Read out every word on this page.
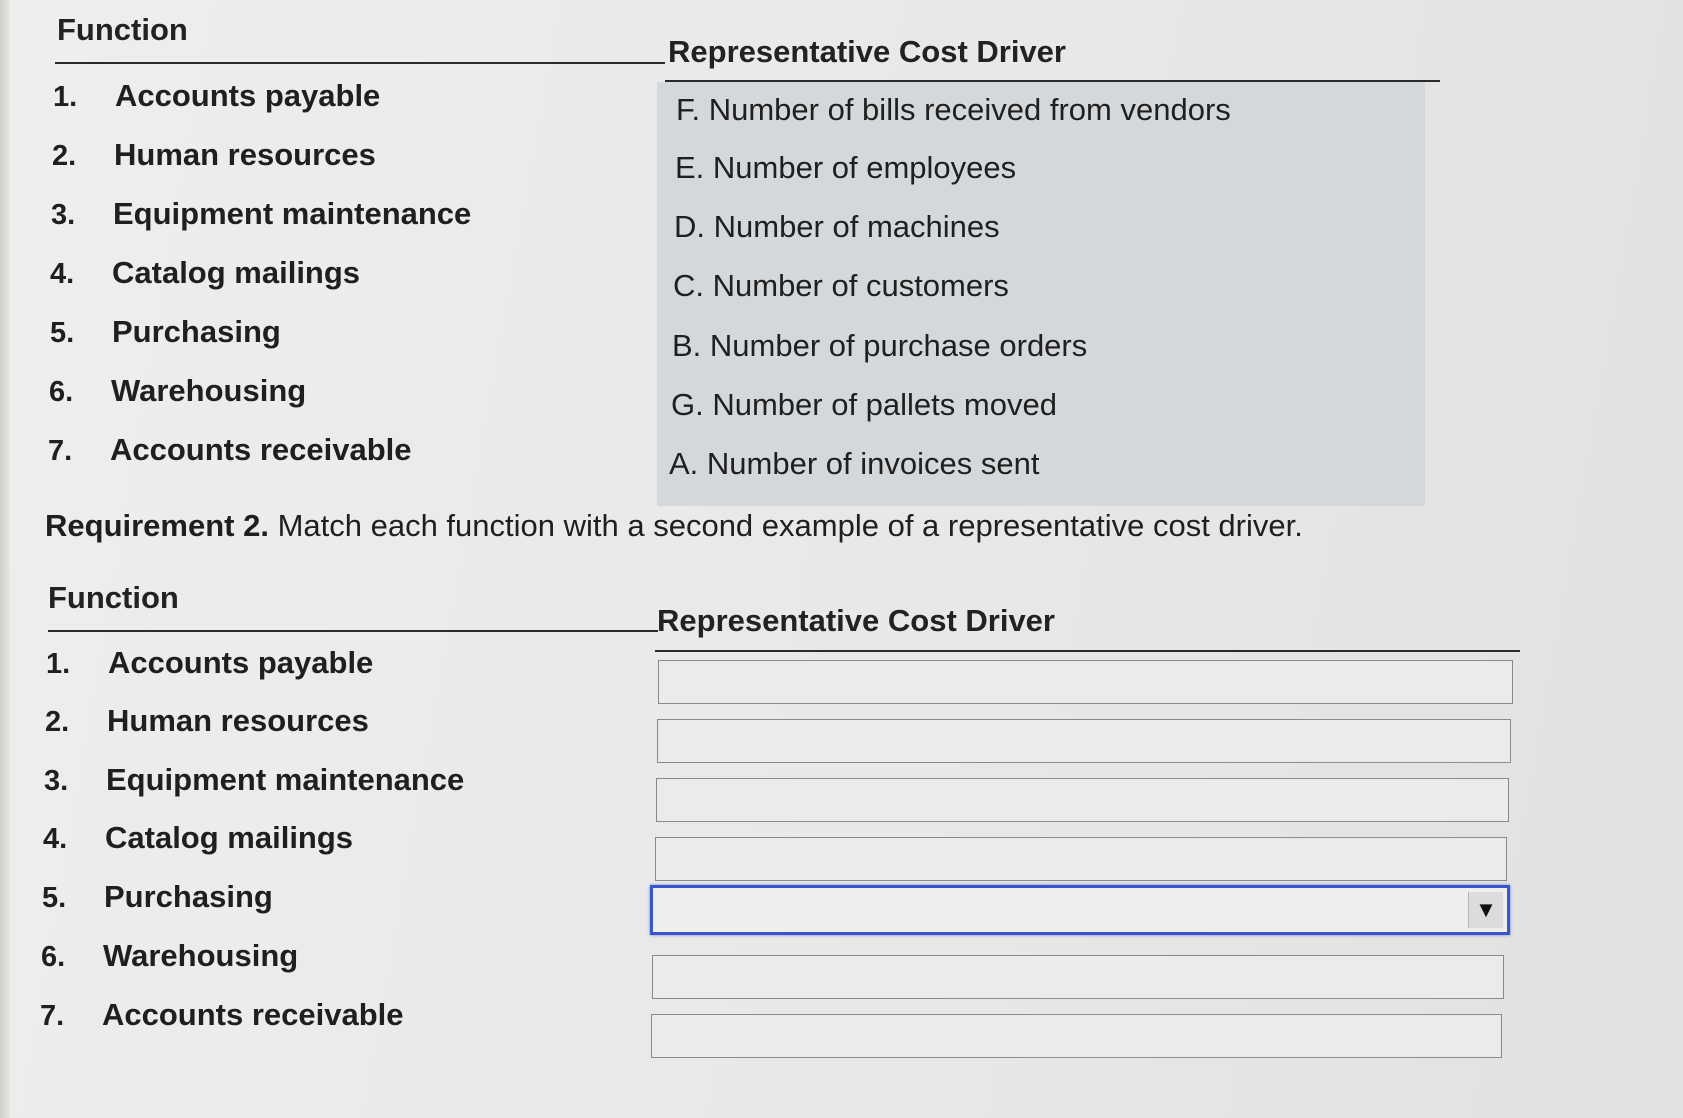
Function
Representative Cost Driver
1. Accounts payable
2. Human resources
3. Equipment maintenance
4. Catalog mailings
5. Purchasing
6. Warehousing
7. Accounts receivable
F. Number of bills received from vendors
E. Number of employees
D. Number of machines
C. Number of customers
B. Number of purchase orders
G. Number of pallets moved
A. Number of invoices sent
Requirement 2. Match each function with a second example of a representative cost driver.
Function
Representative Cost Driver
1. Accounts payable
2. Human resources
3. Equipment maintenance
4. Catalog mailings
5. Purchasing
6. Warehousing
7. Accounts receivable
▼
